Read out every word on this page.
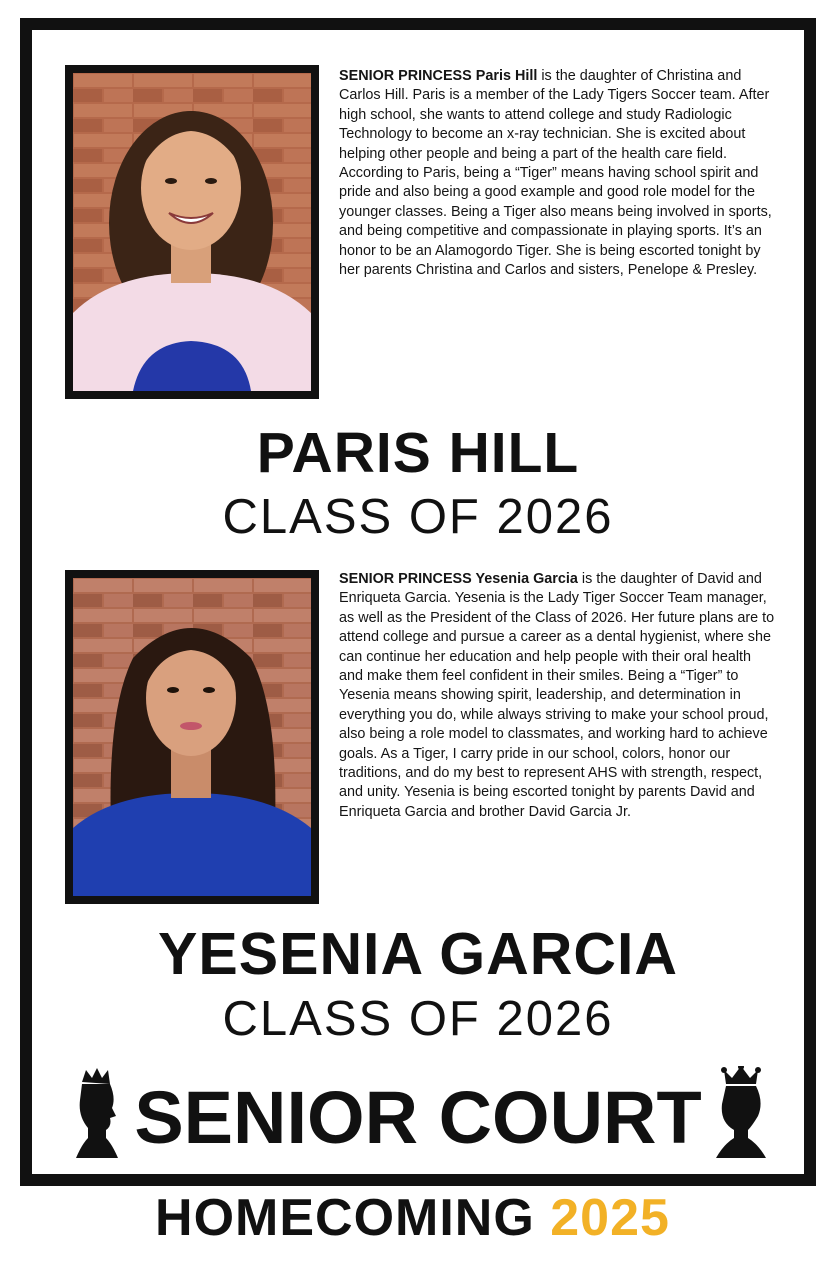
SENIOR PRINCESS Paris Hill is the daughter of Christina and Carlos Hill. Paris is a member of the Lady Tigers Soccer team. After high school, she wants to attend college and study Radiologic Technology to become an x-ray technician. She is excited about helping other people and being a part of the health care field. According to Paris, being a “Tiger” means having school spirit and pride and also being a good example and good role model for the younger classes. Being a Tiger also means being involved in sports, and being competitive and compassionate in playing sports. It’s an honor to be an Alamogordo Tiger. She is being escorted tonight by her parents Christina and Carlos and sisters, Penelope & Presley.
PARIS HILL
CLASS OF 2026
SENIOR PRINCESS Yesenia Garcia is the daughter of David and Enriqueta Garcia. Yesenia is the Lady Tiger Soccer Team manager, as well as the President of the Class of 2026. Her future plans are to attend college and pursue a career as a dental hygienist, where she can continue her education and help people with their oral health and make them feel confident in their smiles. Being a “Tiger” to Yesenia means showing spirit, leadership, and determination in everything you do, while always striving to make your school proud, also being a role model to classmates, and working hard to achieve goals. As a Tiger, I carry pride in our school, colors, honor our traditions, and do my best to represent AHS with strength, respect, and unity. Yesenia is being escorted tonight by parents David and Enriqueta Garcia and brother David Garcia Jr.
YESENIA GARCIA
CLASS OF 2026
SENIOR COURT
HOMECOMING 2025
